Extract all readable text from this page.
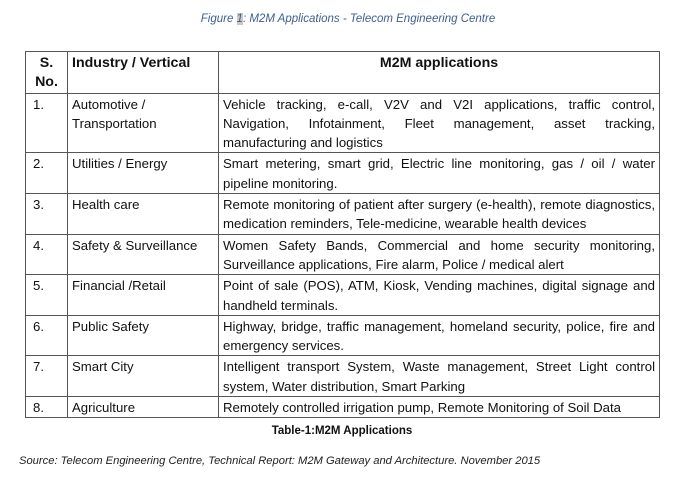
Figure 1: M2M Applications - Telecom Engineering Centre
S. No.	Industry / Vertical	M2M applications
1.	Automotive / Transportation	Vehicle tracking, e-call, V2V and V2I applications, traffic control, Navigation, Infotainment, Fleet management, asset tracking, manufacturing and logistics
2.	Utilities / Energy	Smart metering, smart grid, Electric line monitoring, gas / oil / water pipeline monitoring.
3.	Health care	Remote monitoring of patient after surgery (e-health), remote diagnostics, medication reminders, Tele-medicine, wearable health devices
4.	Safety & Surveillance	Women Safety Bands, Commercial and home security monitoring, Surveillance applications, Fire alarm, Police / medical alert
5.	Financial /Retail	Point of sale (POS), ATM, Kiosk, Vending machines, digital signage and handheld terminals.
6.	Public Safety	Highway, bridge, traffic management, homeland security, police, fire and emergency services.
7.	Smart City	Intelligent transport System, Waste management, Street Light control system, Water distribution, Smart Parking
8.	Agriculture	Remotely controlled irrigation pump, Remote Monitoring of Soil Data
Table-1:M2M Applications
Source: Telecom Engineering Centre, Technical Report: M2M Gateway and Architecture. November 2015
